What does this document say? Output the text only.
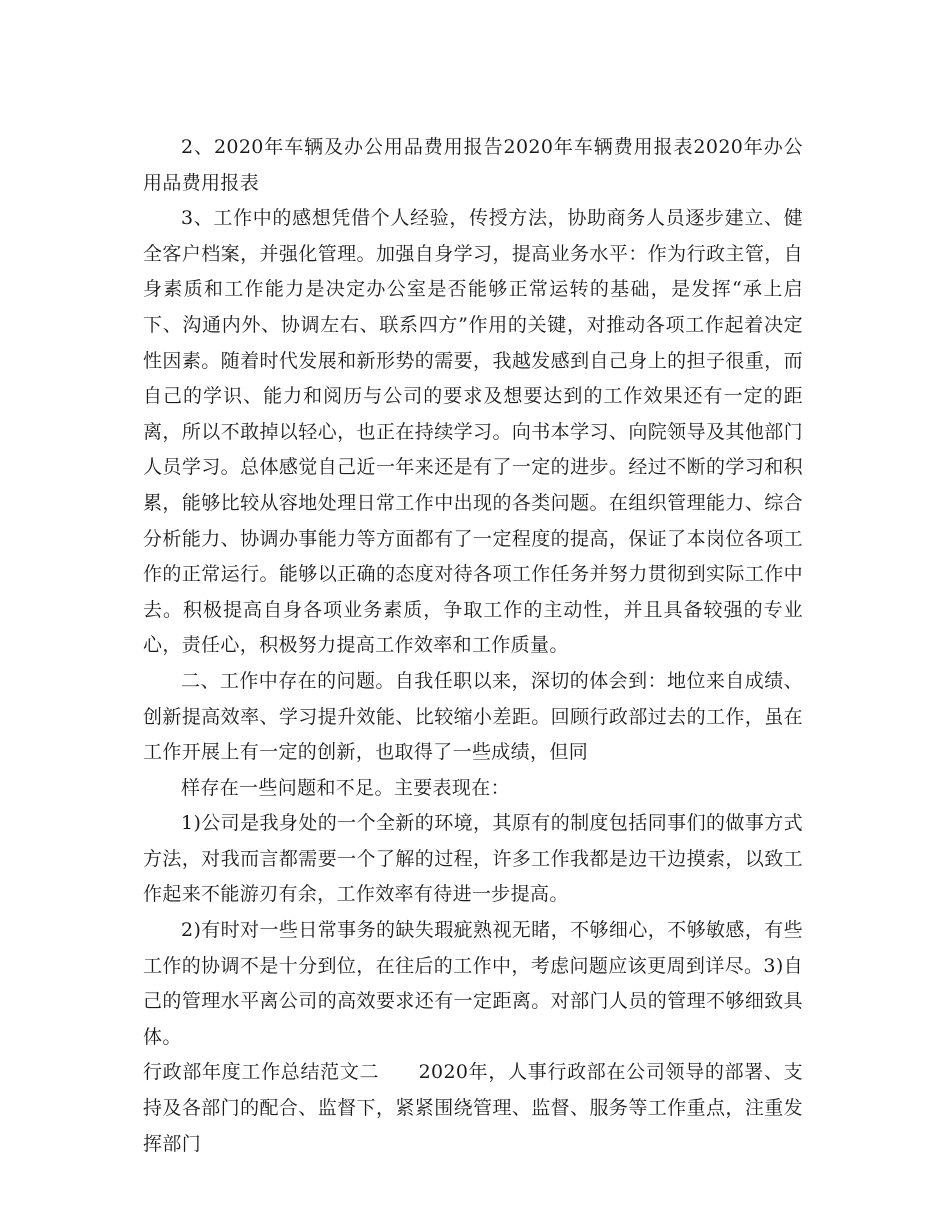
2、2020年车辆及办公用品费用报告2020年车辆费用报表2020年办公用品费用报表

3、工作中的感想凭借个人经验，传授方法，协助商务人员逐步建立、健全客户档案，并强化管理。加强自身学习，提高业务水平：作为行政主管，自身素质和工作能力是决定办公室是否能够正常运转的基础，是发挥“承上启下、沟通内外、协调左右、联系四方”作用的关键，对推动各项工作起着决定性因素。随着时代发展和新形势的需要，我越发感到自己身上的担子很重，而自己的学识、能力和阅历与公司的要求及想要达到的工作效果还有一定的距离，所以不敢掉以轻心，也正在持续学习。向书本学习、向院领导及其他部门人员学习。总体感觉自己近一年来还是有了一定的进步。经过不断的学习和积累，能够比较从容地处理日常工作中出现的各类问题。在组织管理能力、综合分析能力、协调办事能力等方面都有了一定程度的提高，保证了本岗位各项工作的正常运行。能够以正确的态度对待各项工作任务并努力贯彻到实际工作中去。积极提高自身各项业务素质，争取工作的主动性，并且具备较强的专业心，责任心，积极努力提高工作效率和工作质量。

二、工作中存在的问题。自我任职以来，深切的体会到：地位来自成绩、创新提高效率、学习提升效能、比较缩小差距。回顾行政部过去的工作，虽在工作开展上有一定的创新，也取得了一些成绩，但同

样存在一些问题和不足。主要表现在：

1)公司是我身处的一个全新的环境，其原有的制度包括同事们的做事方式方法，对我而言都需要一个了解的过程，许多工作我都是边干边摸索，以致工作起来不能游刃有余，工作效率有待进一步提高。

2)有时对一些日常事务的缺失瑕疵熟视无睹，不够细心，不够敏感，有些工作的协调不是十分到位，在往后的工作中，考虑问题应该更周到详尽。3)自己的管理水平离公司的高效要求还有一定距离。对部门人员的管理不够细致具体。

行政部年度工作总结范文二　　2020年，人事行政部在公司领导的部署、支持及各部门的配合、监督下，紧紧围绕管理、监督、服务等工作重点，注重发挥部门
